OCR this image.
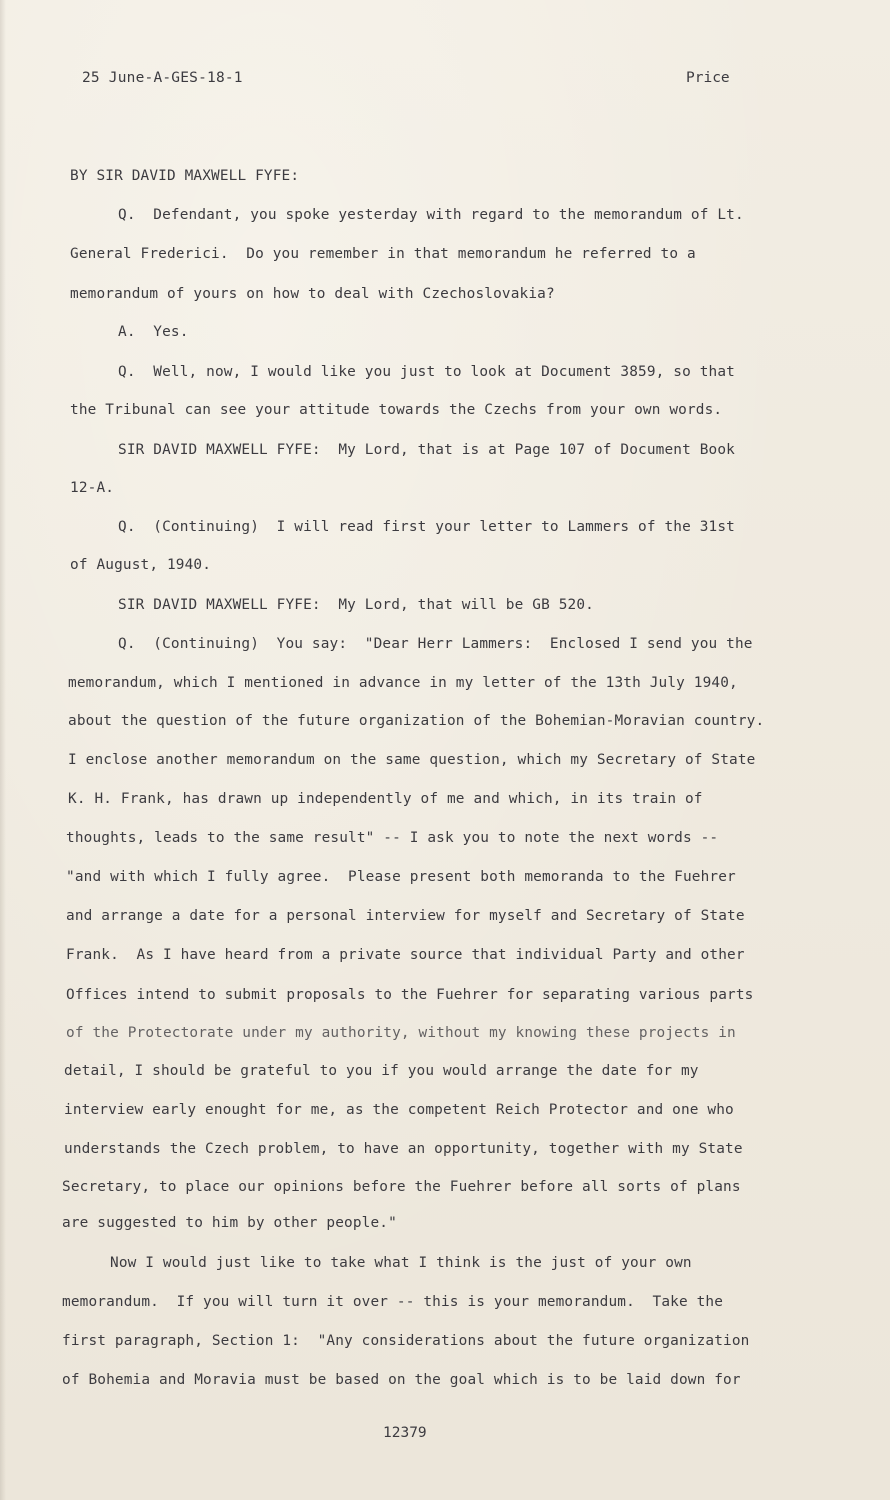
25 June-A-GES-18-1	Price
BY SIR DAVID MAXWELL FYFE:
Q.  Defendant, you spoke yesterday with regard to the memorandum of Lt.
General Frederici.  Do you remember in that memorandum he referred to a
memorandum of yours on how to deal with Czechoslovakia?
A.  Yes.
Q.  Well, now, I would like you just to look at Document 3859, so that
the Tribunal can see your attitude towards the Czechs from your own words.
SIR DAVID MAXWELL FYFE:  My Lord, that is at Page 107 of Document Book
12-A.
Q.  (Continuing)  I will read first your letter to Lammers of the 31st
of August, 1940.
SIR DAVID MAXWELL FYFE:  My Lord, that will be GB 520.
Q.  (Continuing)  You say:  "Dear Herr Lammers:  Enclosed I send you the
memorandum, which I mentioned in advance in my letter of the 13th July 1940,
about the question of the future organization of the Bohemian-Moravian country.
I enclose another memorandum on the same question, which my Secretary of State
K. H. Frank, has drawn up independently of me and which, in its train of
thoughts, leads to the same result" -- I ask you to note the next words --
"and with which I fully agree.  Please present both memoranda to the Fuehrer
and arrange a date for a personal interview for myself and Secretary of State
Frank.  As I have heard from a private source that individual Party and other
Offices intend to submit proposals to the Fuehrer for separating various parts
of the Protectorate under my authority, without my knowing these projects in
detail, I should be grateful to you if you would arrange the date for my
interview early enought for me, as the competent Reich Protector and one who
understands the Czech problem, to have an opportunity, together with my State
Secretary, to place our opinions before the Fuehrer before all sorts of plans
are suggested to him by other people."
Now I would just like to take what I think is the just of your own
memorandum.  If you will turn it over -- this is your memorandum.  Take the
first paragraph, Section 1:  "Any considerations about the future organization
of Bohemia and Moravia must be based on the goal which is to be laid down for
12379
